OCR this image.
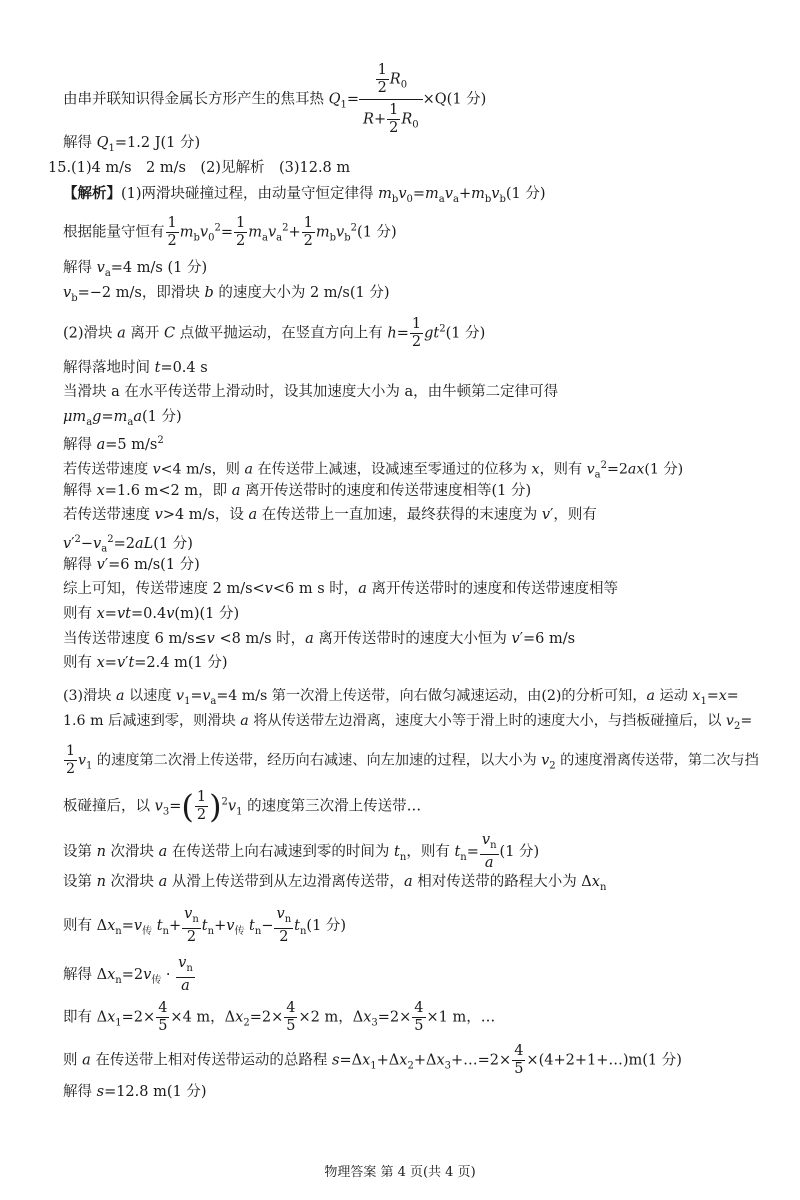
由串并联知识得金属长方形产生的焦耳热 $Q_1= \frac{\frac{1}{2} R_0}{R+ \frac{1}{2} R_0} \times Q(1$ 分)
解得 $Q_1=1.2$ J(1 分)
15.(1)4 m/s　2 m/s　(2)见解析　(3)12.8 m
【解析】(1)两滑块碰撞过程，由动量守恒定律得 $m_bv_0=m_av_a+m_bv_b(1$ 分)
根据能量守恒有 $\frac{1}{2} m_bv_0^2= \frac{1}{2} m_av_a^2+ \frac{1}{2} m_bv_b^2(1$ 分)
解得 $v_a=4$ m/s (1 分)
$v_b=-2$ m/s，即滑块 b 的速度大小为 2 m/s(1 分)
(2)滑块 a 离开 C 点做平抛运动，在竖直方向上有 $h= \frac{1}{2} gt^2(1$ 分)
解得落地时间 t=0.4 s
当滑块 a 在水平传送带上滑动时，设其加速度大小为 a，由牛顿第二定律可得
$\mu m_ag=m_aa(1$ 分)
解得 a=5 $m/s^2$
若传送带速度 v<4 m/s，则 a 在传送带上减速，设减速至零通过的位移为 x，则有 $v_a^2=2ax(1$ 分)
解得 x=1.6 m<2 m，即 a 离开传送带时的速度和传送带速度相等(1 分)
若传送带速度 v>4 m/s，设 a 在传送带上一直加速，最终获得的末速度为 v′，则有
$v'^2-v_a^2=2aL(1$ 分)
解得 v′=6 m/s(1 分)
综上可知，传送带速度 2 m/s<v<6 m s 时，a 离开传送带时的速度和传送带速度相等
则有 x=vt=0.4v(m)(1 分)
当传送带速度 6 m/s≤v <8 m/s 时，a 离开传送带时的速度大小恒为 v′=6 m/s
则有 x=v′t=2.4 m(1 分)
(3)滑块 a 以速度 $v_1=v_a=4$ m/s 第一次滑上传送带，向右做匀减速运动，由(2)的分析可知，a 运动 $x_1=x=$
1.6 m 后减速到零，则滑块 a 将从传送带左边滑离，速度大小等于滑上时的速度大小，与挡板碰撞后，以 $v_2=$
$\frac{1}{2} v_1$ 的速度第二次滑上传送带，经历向右减速、向左加速的过程，以大小为 $v_2$ 的速度滑离传送带，第二次与挡
板碰撞后，以 $v_3=( \frac{1}{2} )^2v_1$ 的速度第三次滑上传送带…
设第 n 次滑块 a 在传送带上向右减速到零的时间为 $t_n$，则有 $t_n= \frac{v_n}{a} (1$ 分)
设第 n 次滑块 a 从滑上传送带到从左边滑离传送带，a 相对传送带的路程大小为 $\Delta x_n$
则有 $\Delta x_n=v_传$ $t_n+ \frac{v_n}{2} t_n+v_传$ $t_n- \frac{v_n}{2} t_n(1$ 分)
解得 $\Delta x_n=2v_传 \cdot \frac{v_n}{a}$
即有 $\Delta x_1=2\times \frac{4}{5} \times 4$ m，$\Delta x_2=2\times \frac{4}{5} \times 2$ m，$\Delta x_3=2\times \frac{4}{5} \times 1$ m，…
则 a 在传送带上相对传送带运动的总路程 $s=\Delta x_1+\Delta x_2+\Delta x_3+\dots=2\times \frac{4}{5}$ ×(4+2+1+…)m(1 分)
解得 s=12.8 m(1 分)
物理答案 第 4 页(共 4 页)
